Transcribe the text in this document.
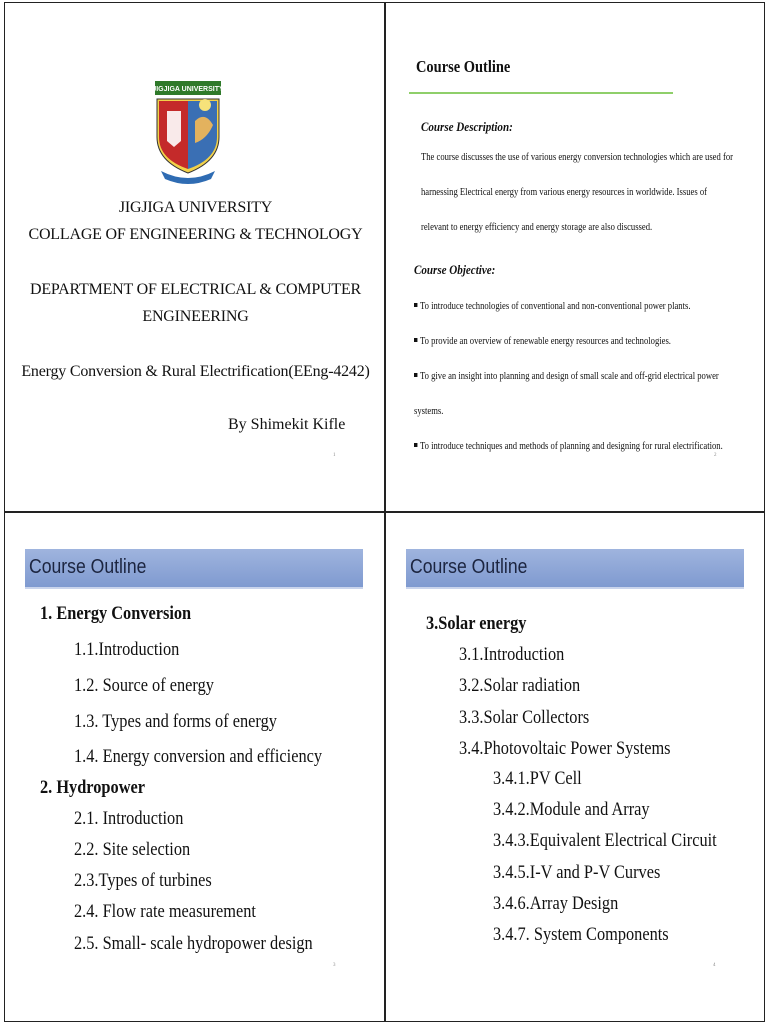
JIGJIGA UNIVERSITY
JIGJIGA UNIVERSITY
COLLAGE OF ENGINEERING & TECHNOLOGY
DEPARTMENT OF ELECTRICAL & COMPUTER
ENGINEERING
Energy Conversion & Rural Electrification(EEng-4242)
By Shimekit Kifle
1
Course Outline
Course Description:
The course discusses the use of various energy conversion technologies which are used for
harnessing Electrical energy from various energy resources in worldwide. Issues of
relevant to energy efficiency and energy storage are also discussed.
Course Objective:
To introduce technologies of conventional and non-conventional power plants.
To provide an overview of renewable energy resources and technologies.
To give an insight into planning and design of small scale and off-grid electrical power
systems.
To introduce techniques and methods of planning and designing for rural electrification.
2
Course Outline
1. Energy Conversion
1.1.Introduction
1.2. Source of energy
1.3. Types and forms of energy
1.4. Energy conversion and efficiency
2. Hydropower
2.1. Introduction
2.2. Site selection
2.3.Types of turbines
2.4. Flow rate measurement
2.5. Small- scale hydropower design
3
Course Outline
3.Solar energy
3.1.Introduction
3.2.Solar radiation
3.3.Solar Collectors
3.4.Photovoltaic Power Systems
3.4.1.PV Cell
3.4.2.Module and Array
3.4.3.Equivalent Electrical Circuit
3.4.5.I-V and P-V Curves
3.4.6.Array Design
3.4.7. System Components
4
